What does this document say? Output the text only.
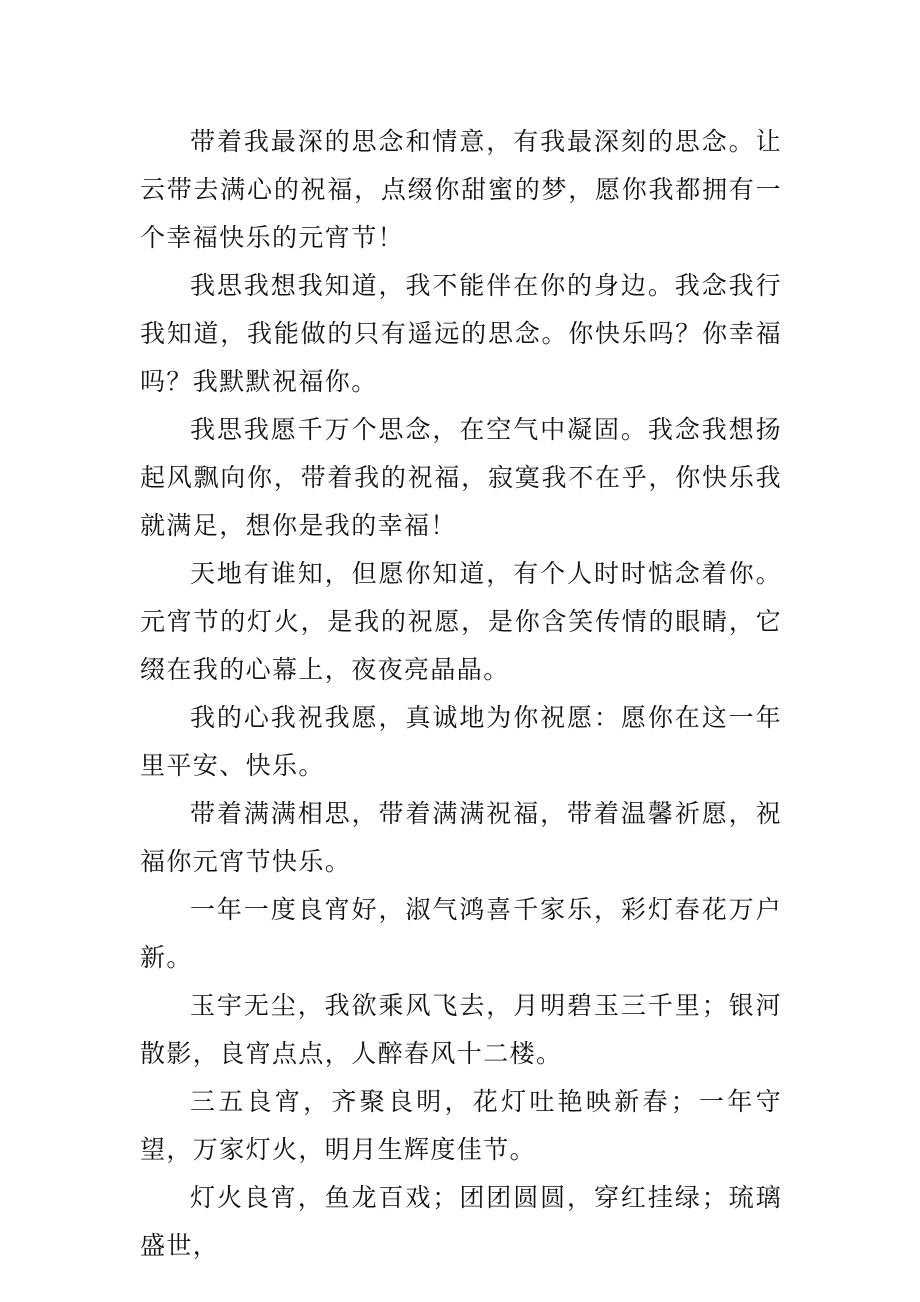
带着我最深的思念和情意，有我最深刻的思念。让云带去满心的祝福，点缀你甜蜜的梦，愿你我都拥有一个幸福快乐的元宵节！

我思我想我知道，我不能伴在你的身边。我念我行我知道，我能做的只有遥远的思念。你快乐吗？你幸福吗？我默默祝福你。

我思我愿千万个思念，在空气中凝固。我念我想扬起风飘向你，带着我的祝福，寂寞我不在乎，你快乐我就满足，想你是我的幸福！

天地有谁知，但愿你知道，有个人时时惦念着你。元宵节的灯火，是我的祝愿，是你含笑传情的眼睛，它缀在我的心幕上，夜夜亮晶晶。

我的心我祝我愿，真诚地为你祝愿：愿你在这一年里平安、快乐。

带着满满相思，带着满满祝福，带着温馨祈愿，祝福你元宵节快乐。

一年一度良宵好，淑气鸿喜千家乐，彩灯春花万户新。

玉宇无尘，我欲乘风飞去，月明碧玉三千里；银河散影，良宵点点，人醉春风十二楼。

三五良宵，齐聚良明，花灯吐艳映新春；一年守望，万家灯火，明月生辉度佳节。

灯火良宵，鱼龙百戏；团团圆圆，穿红挂绿；琉璃盛世，
